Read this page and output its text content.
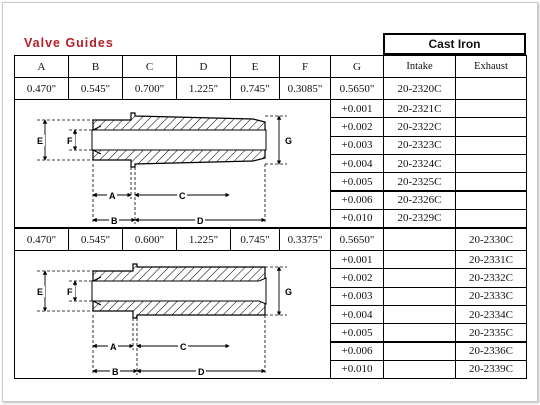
Valve Guides	Cast Iron
A	B	C	D	E	F	G	Intake	Exhaust
0.470"	0.545"	0.700"	1.225"	0.745"	0.3085"	0.5650"	20-2320C
+0.001	20-2321C
+0.002	20-2322C
+0.003	20-2323C
+0.004	20-2324C
+0.005	20-2325C
+0.006	20-2326C
+0.010	20-2329C
E	F	G
A	C
B	D
0.470"	0.545"	0.600"	1.225"	0.745"	0.3375"	0.5650"	20-2330C
+0.001	20-2331C
+0.002	20-2332C
+0.003	20-2333C
+0.004	20-2334C
+0.005	20-2335C
+0.006	20-2336C
+0.010	20-2339C
E	F	G
A	C
B	D
